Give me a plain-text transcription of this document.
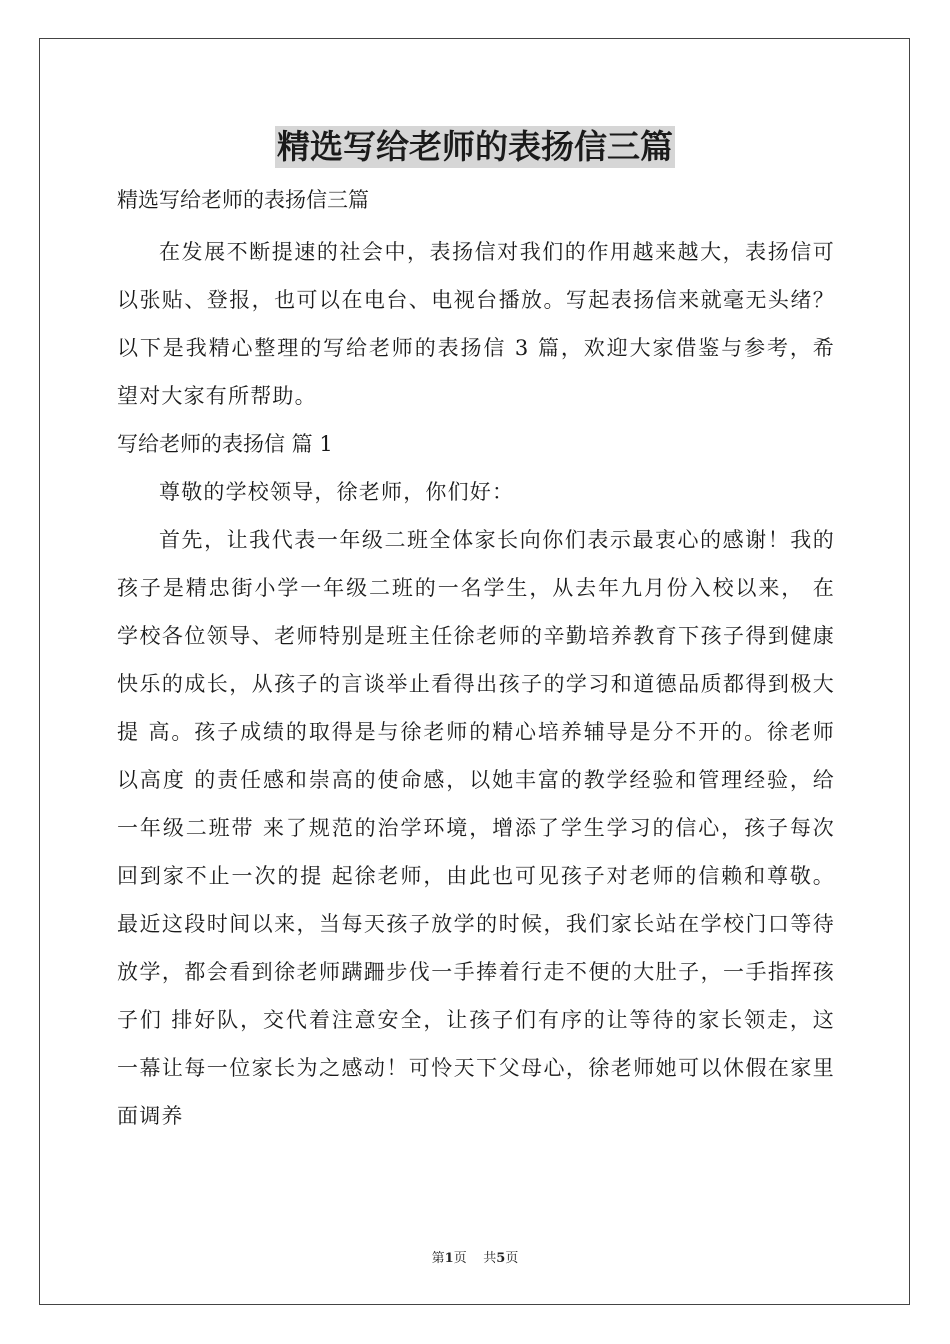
精选写给老师的表扬信三篇
精选写给老师的表扬信三篇

在发展不断提速的社会中，表扬信对我们的作用越来越大，表扬信可以张贴、登报，也可以在电台、电视台播放。写起表扬信来就毫无头绪？以下是我精心整理的写给老师的表扬信 3 篇，欢迎大家借鉴与参考，希望对大家有所帮助。

写给老师的表扬信 篇 1

尊敬的学校领导，徐老师，你们好：

首先，让我代表一年级二班全体家长向你们表示最衷心的感谢！我的孩子是精忠街小学一年级二班的一名学生，从去年九月份入校以来， 在学校各位领导、老师特别是班主任徐老师的辛勤培养教育下孩子得到健康 快乐的成长，从孩子的言谈举止看得出孩子的学习和道德品质都得到极大提 高。孩子成绩的取得是与徐老师的精心培养辅导是分不开的。徐老师以高度 的责任感和崇高的使命感，以她丰富的教学经验和管理经验，给一年级二班带 来了规范的治学环境，增添了学生学习的信心，孩子每次回到家不止一次的提 起徐老师，由此也可见孩子对老师的信赖和尊敬。 最近这段时间以来，当每天孩子放学的时候，我们家长站在学校门口等待 放学，都会看到徐老师蹒跚步伐一手捧着行走不便的大肚子，一手指挥孩子们 排好队，交代着注意安全，让孩子们有序的让等待的家长领走，这一幕让每一位家长为之感动！可怜天下父母心，徐老师她可以休假在家里面调养

第1页 共5页
